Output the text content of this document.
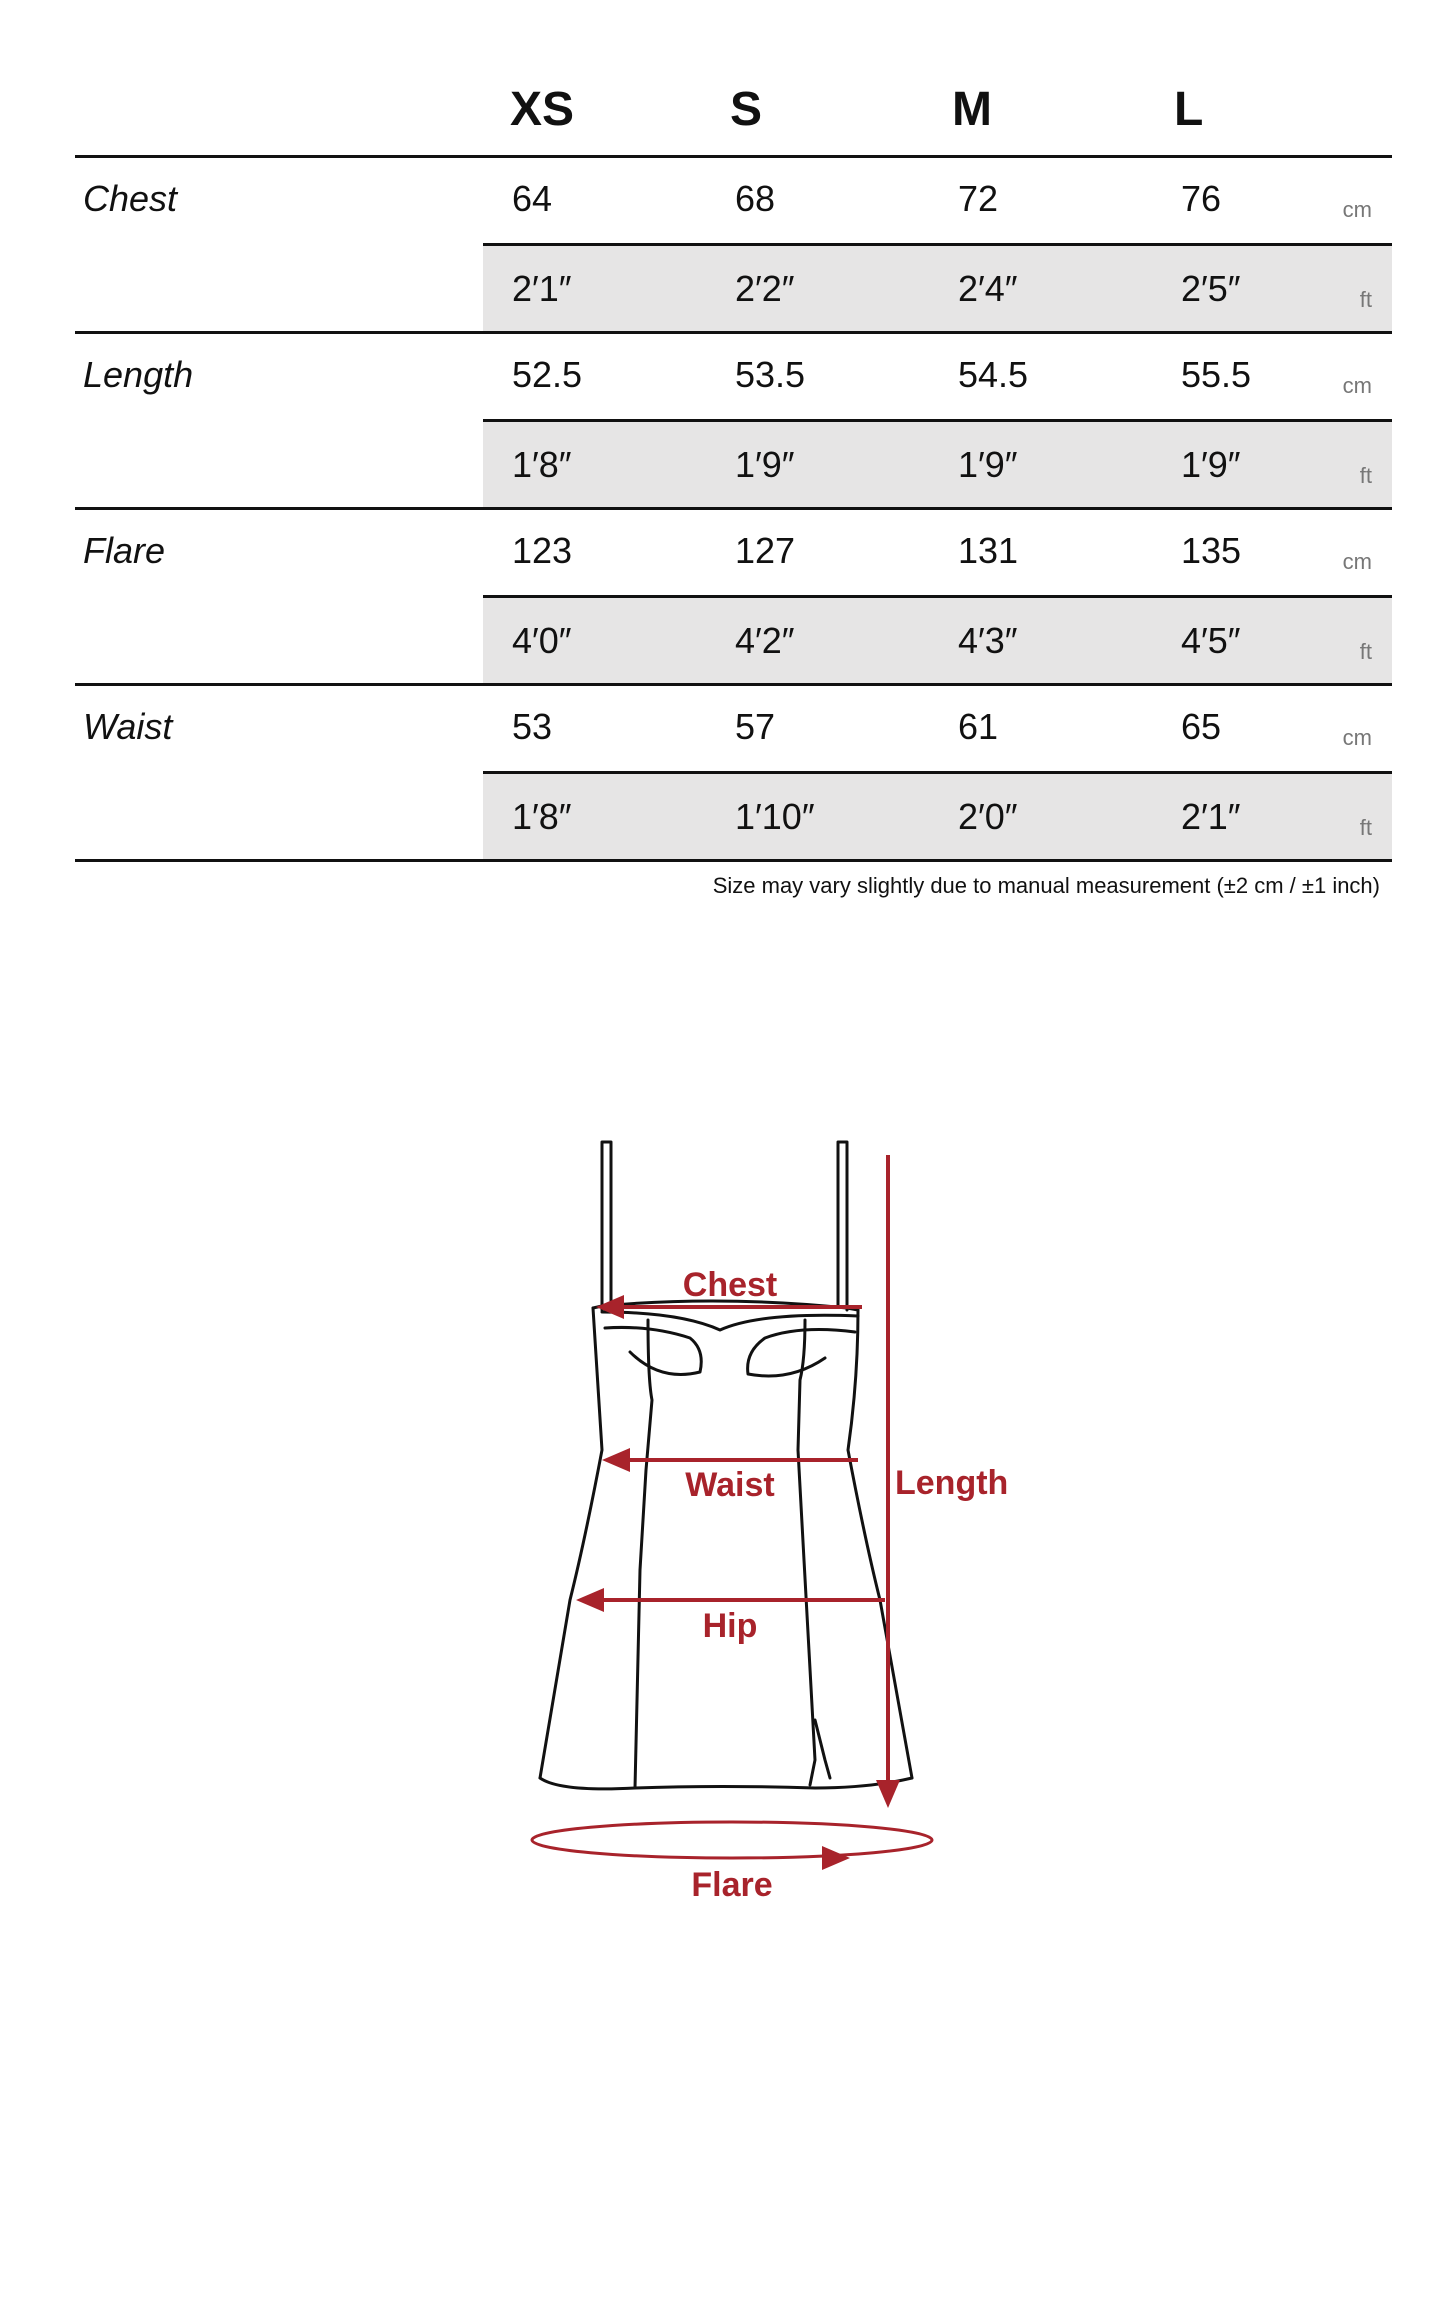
XS	S	M	L
Chest	64	68	72	76	cm
2′1″	2′2″	2′4″	2′5″	ft
Length	52.5	53.5	54.5	55.5	cm
1′8″	1′9″	1′9″	1′9″	ft
Flare	123	127	131	135	cm
4′0″	4′2″	4′3″	4′5″	ft
Waist	53	57	61	65	cm
1′8″	1′10″	2′0″	2′1″	ft
Size may vary slightly due to manual measurement (±2 cm / ±1 inch)
Chest
Waist
Hip
Length
Flare
